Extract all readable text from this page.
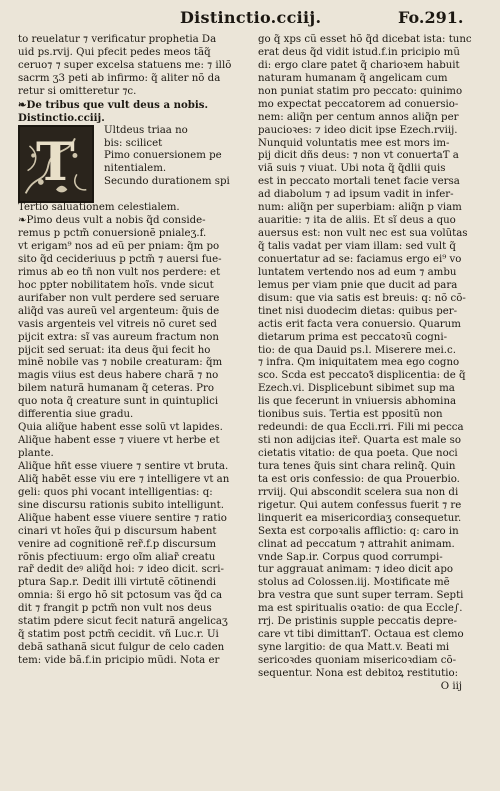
Distinctio.cciij.	Fo.291.
to reuelatur ⁊ verificatur prophetia Da
uid ps.rvij. Qui pfecit pedes meos tãq̃
ceruo⁊ ⁊ super excelsa statuens me: ⁊ illõ
sacrm ӡ3 peti ab infirmo: q̃ aliter nõ da
retur si omitteretur ⁊c.
❧De tribus que vult deus a nobis.
Distinctio.cciij.
T
Ultdeus triaa no
bis: scilicet
Pimo conuersionem pe
nitentialem.
Secundo durationem spi
Tertio saluationem celestialem.
❧Pimo deus vult a nobis q̃d conside-
remus p pctm̃ conuersionẽ pnialeӡ.f.
vt erigam⁹ nos ad eũ per pniam: q̃m po
sito q̃d cecideriuus p pctm̃ ⁊ auersi fue-
rimus ab eo tñ non vult nos perdere: et
hoc ppter nobilitatem hoĩs. vnde sicut
aurifaber non vult perdere sed seruare
aliq̃d vas aureũ vel argenteum: q̃uis de
vasis argenteis vel vitreis nõ curet sed
pijcit extra: sĩ vas aureum fractum non
pijcit sed seruat: ita deus q̃ui fecit ho
minẽ nobile vas ⁊ nobile creaturam: q̃m
magis viius est deus habere charã ⁊ no
bilem naturã humanam q̃ ceteras. Pro
quo nota q̃ creature sunt in quintuplici
differentia siue gradu.
Quia aliq̃ue habent esse solũ vt lapides.
Aliq̃ue habent esse ⁊ viuere vt herbe et
plante.
Aliq̃ue hñt esse viuere ⁊ sentire vt bruta.
Aliq̃ habẽt esse viu ere ⁊ intelligere vt an
geli: quos phi vocant intelligentias: q:
sine discursu rationis subito intelligunt.
Aliq̃ue habent esse viuere sentire ⁊ ratio
cinari vt hoĩes q̃ui p discursum habent
venire ad cognitionẽ rer̃.f.p discursum
rõnis pfectiuum: ergo oĩm aliar̃ creatu
rar̃ dedit deꝰ aliq̃d hoi: ⁊ ideo dicit. scri-
ptura Sap.r. Dedit illi virtutẽ cõtinendi
omnia: s̃i ergo hõ sit pctosum vas q̃d ca
dit ⁊ frangit p pctm̃ non vult nos deus
statim pdere sicut fecit naturã angelicaӡ
q̃ statim post pctm̃ cecidit. vñ Luc.r. Ui
debã sathanã sicut fulgur de celo caden
tem: vide bã.f.in pricipio mũdi. Nota er
go q̃ xps cũ esset hõ q̃d dicebat ista: tunc
erat deus q̃d vidit istud.f.in pricipio mũ
di: ergo clare patet q̃ charioꝛem habuit
naturam humanam q̃ angelicam cum
non puniat statim pro peccato: quinimo
mo expectat peccatorem ad conuersio-
nem: aliq̃n per centum annos aliq̃n per
paucioꝛes: ⁊ ideo dicit ipse Ezech.rviij.
Nunquid voluntatis mee est mors im-
pij dicit dñs deus: ⁊ non vt conuertaƬ a
viã suis ⁊ viuat. Ubi nota q̃ q̃dlii quis
est in peccato mortali tenet facie versa
ad diabolum ⁊ ad ipsum vadit in infer-
num: aliq̃n per superbiam: aliq̃n p viam
auaritie: ⁊ ita de aliis. Et sĩ deus a quo
auersus est: non vult nec est sua volũtas
q̃ talis vadat per viam illam: sed vult q̃
conuertatur ad se: faciamus ergo ei⁹ vo
luntatem vertendo nos ad eum ⁊ ambu
lemus per viam pnie que ducit ad para
disum: que via satis est breuis: q: nõ cõ-
tinet nisi duodecim dietas: quibus per-
actis erit facta vera conuersio. Quarum
dietarum prima est peccatoꝛũ cogni-
tio: de qua Dauid ps.l. Miserere mei.c.
⁊ infra. Q̃m iniquitatem mea ego cogno
sco. Scda est peccatoꝛ̃ displicentia: de q̃
Ezech.vi. Displicebunt sibimet sup ma
lis que fecerunt in vniuersis abhomina
tionibus suis. Tertia est ppositũ non
redeundi: de qua Eccli.rri. Fili mi pecca
sti non adijcias iter̃. Quarta est male so
cietatis vitatio: de qua poeta. Que noci
tura tenes q̃uis sint chara relinq̃. Quin
ta est oris confessio: de qua Prouerbio.
rrviij. Qui abscondit scelera sua non di
rigetur. Qui autem confessus fuerit ⁊ re
linquerit ea misericordiaӡ consequetur.
Sexta est corpoꝛalis afflictio: q: caro in
clinat ad peccatum ⁊ attrahit animam.
vnde Sap.ir. Corpus quod corrumpi-
tur aggrauat animam: ⁊ ideo dicit apo
stolus ad Colossen.iij. Moꝛtificate mẽ
bra vestra que sunt super terram. Septi
ma est spiritualis oꝛatio: de qua Eccle∫.
rrj. De pristinis supple peccatis depre-
care vt tibi dimittanƬ. Octaua est clemo
syne largitio: de qua Matt.v. Beati mi
sericoꝛdes quoniam misericoꝛdiam cõ-
sequentur. Nona est debitoꝝ restitutio:
O iij
